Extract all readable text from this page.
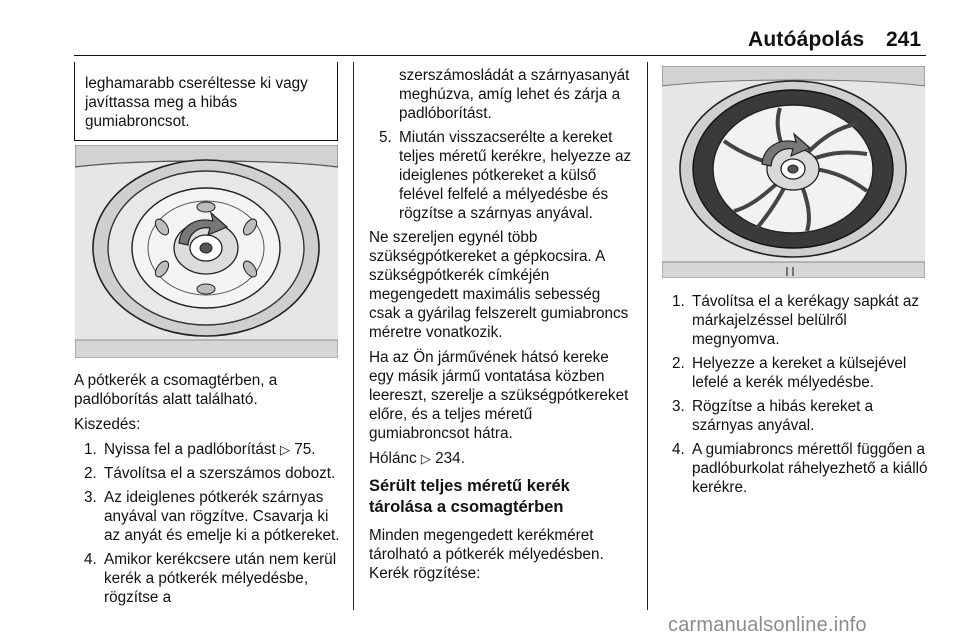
Autóápolás 241
leghamarabb cseréltesse ki vagy javíttassa meg a hibás gumiabroncsot.

A pótkerék a csomagtérben, a padlóborítás alatt található.

Kiszedés:

1. Nyissa fel a padlóborítást ▷ 75.
2. Távolítsa el a szerszámos dobozt.
3. Az ideiglenes pótkerék szárnyas anyával van rögzítve. Csavarja ki az anyát és emelje ki a pótkereket.
4. Amikor kerékcsere után nem kerül kerék a pótkerék mélyedésbe, rögzítse a
szerszámosládát a szárnyasanyát meghúzva, amíg lehet és zárja a padlóborítást.
5. Miután visszacserélte a kereket teljes méretű kerékre, helyezze az ideiglenes pótkereket a külső felével felfelé a mélyedésbe és rögzítse a szárnyas anyával.

Ne szereljen egynél több szükségpótkereket a gépkocsira. A szükségpótkerék címkéjén megengedett maximális sebesség csak a gyárilag felszerelt gumiabroncs méretre vonatkozik.

Ha az Ön járművének hátsó kereke egy másik jármű vontatása közben leereszt, szerelje a szükségpótkereket előre, és a teljes méretű gumiabroncsot hátra.

Hólánc ▷ 234.

Sérült teljes méretű kerék tárolása a csomagtérben

Minden megengedett kerékméret tárolható a pótkerék mélyedésben. Kerék rögzítése:

1. Távolítsa el a kerékagy sapkát az márkajelzéssel belülről megnyomva.
2. Helyezze a kereket a külsejével lefelé a kerék mélyedésbe.
3. Rögzítse a hibás kereket a szárnyas anyával.
4. A gumiabroncs mérettől függően a padlóburkolat ráhelyezhető a kiálló kerékre.
carmanualsonline.info
